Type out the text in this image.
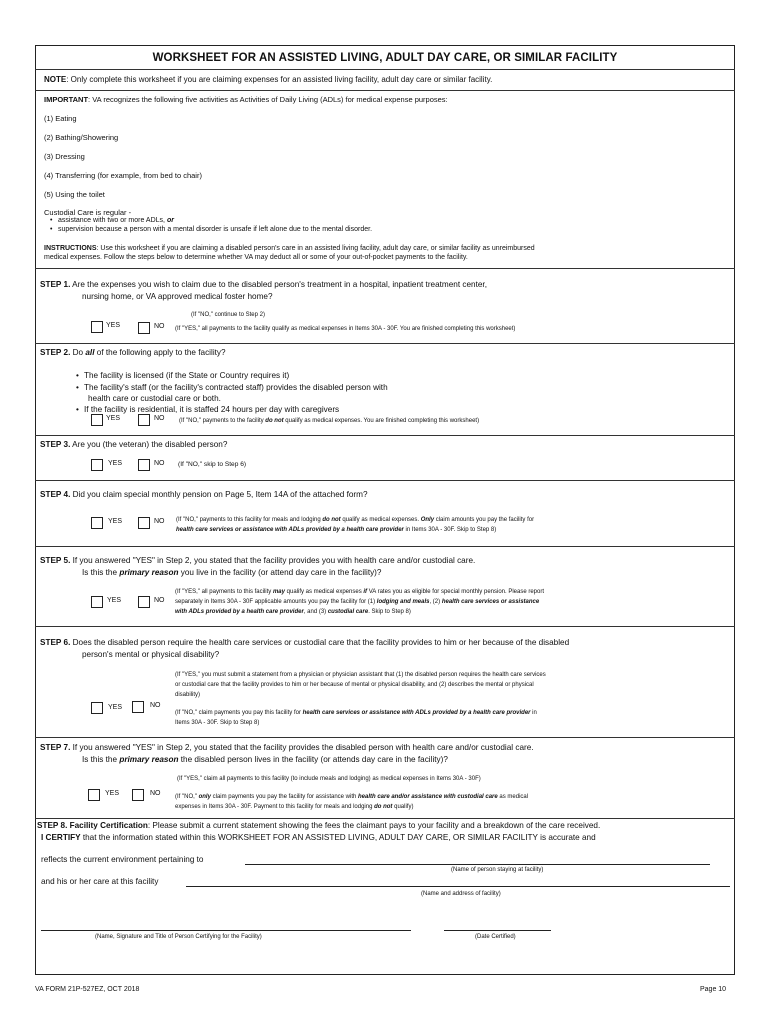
WORKSHEET FOR AN ASSISTED LIVING, ADULT DAY CARE, OR SIMILAR FACILITY
NOTE: Only complete this worksheet if you are claiming expenses for an assisted living facility, adult day care or similar facility.
IMPORTANT: VA recognizes the following five activities as Activities of Daily Living (ADLs) for medical expense purposes:
(1) Eating
(2) Bathing/Showering
(3) Dressing
(4) Transferring (for example, from bed to chair)
(5) Using the toilet
Custodial Care is regular -
• assistance with two or more ADLs, or
• supervision because a person with a mental disorder is unsafe if left alone due to the mental disorder.
INSTRUCTIONS: Use this worksheet if you are claiming a disabled person's care in an assisted living facility, adult day care, or similar facility as unreimbursed
medical expenses. Follow the steps below to determine whether VA may deduct all or some of your out-of-pocket payments to the facility.
STEP 1. Are the expenses you wish to claim due to the disabled person's treatment in a hospital, inpatient treatment center,
nursing home, or VA approved medical foster home?
(If "NO," continue to Step 2)
YES	NO (If "YES," all payments to the facility qualify as medical expenses in Items 30A - 30F. You are finished completing this worksheet)
STEP 2. Do all of the following apply to the facility?
• The facility is licensed (if the State or Country requires it)
• The facility's staff (or the facility's contracted staff) provides the disabled person with
health care or custodial care or both.
• If the facility is residential, it is staffed 24 hours per day with caregivers
YES	NO (If "NO," payments to the facility do not qualify as medical expenses. You are finished completing this worksheet)
STEP 3. Are you (the veteran) the disabled person?
YES	NO (If "NO," skip to Step 6)
STEP 4. Did you claim special monthly pension on Page 5, Item 14A of the attached form?
YES	NO (If "NO," payments to this facility for meals and lodging do not qualify as medical expenses. Only claim amounts you pay the facility for
health care services or assistance with ADLs provided by a health care provider in Items 30A - 30F. Skip to Step 8)
STEP 5. If you answered "YES" in Step 2, you stated that the facility provides you with health care and/or custodial care.
Is this the primary reason you live in the facility (or attend day care in the facility)?
(If "YES," all payments to this facility may qualify as medical expenses if VA rates you as eligible for special monthly pension. Please report
YES	NO separately in Items 30A - 30F applicable amounts you pay the facility for (1) lodging and meals, (2) health care services or assistance
with ADLs provided by a health care provider, and (3) custodial care. Skip to Step 8)
STEP 6. Does the disabled person require the health care services or custodial care that the facility provides to him or her because of the disabled
person's mental or physical disability?
(If "YES," you must submit a statement from a physician or physician assistant that (1) the disabled person requires the health care services
or custodial care that the facility provides to him or her because of mental or physical disability, and (2) describes the mental or physical
disability)
YES	NO
(If "NO," claim payments you pay this facility for health care services or assistance with ADLs provided by a health care provider in
Items 30A - 30F. Skip to Step 8)
STEP 7. If you answered "YES" in Step 2, you stated that the facility provides the disabled person with health care and/or custodial care.
Is this the primary reason the disabled person lives in the facility (or attends day care in the facility)?
(If "YES," claim all payments to this facility (to include meals and lodging) as medical expenses in Items 30A - 30F)
YES	NO (If "NO," only claim payments you pay the facility for assistance with health care and/or assistance with custodial care as medical
expenses in Items 30A - 30F. Payment to this facility for meals and lodging do not qualify)
STEP 8. Facility Certification: Please submit a current statement showing the fees the claimant pays to your facility and a breakdown of the care received.
I CERTIFY that the information stated within this WORKSHEET FOR AN ASSISTED LIVING, ADULT DAY CARE, OR SIMILAR FACILITY is accurate and
reflects the current environment pertaining to
(Name of person staying at facility)
and his or her care at this facility
(Name and address of facility)
(Name, Signature and Title of Person Certifying for the Facility)	(Date Certified)
VA FORM 21P-527EZ, OCT 2018	Page 10
